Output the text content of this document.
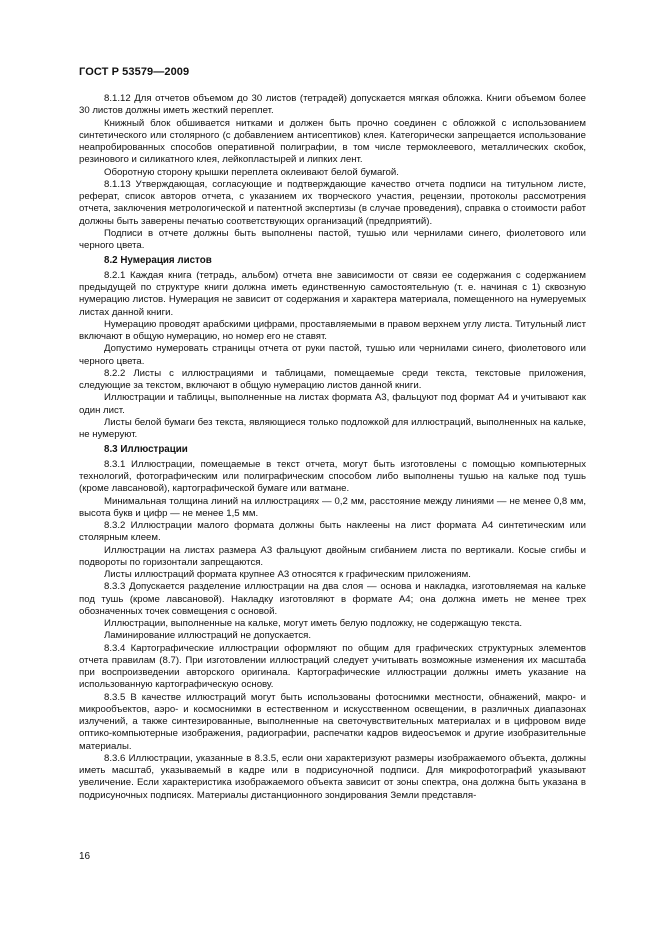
ГОСТ Р 53579—2009

8.1.12 Для отчетов объемом до 30 листов (тетрадей) допускается мягкая обложка. Книги объемом более 30 листов должны иметь жесткий переплет.

Книжный блок обшивается нитками и должен быть прочно соединен с обложкой с использованием синтетического или столярного (с добавлением антисептиков) клея. Категорически запрещается использование неапробированных способов оперативной полиграфии, в том числе термоклеевого, металлических скобок, резинового и силикатного клея, лейкопластырей и липких лент.

Оборотную сторону крышки переплета оклеивают белой бумагой.

8.1.13 Утверждающая, согласующие и подтверждающие качество отчета подписи на титульном листе, реферат, список авторов отчета, с указанием их творческого участия, рецензии, протоколы рассмотрения отчета, заключения метрологической и патентной экспертизы (в случае проведения), справка о стоимости работ должны быть заверены печатью соответствующих организаций (предприятий).

Подписи в отчете должны быть выполнены пастой, тушью или чернилами синего, фиолетового или черного цвета.

8.2 Нумерация листов

8.2.1 Каждая книга (тетрадь, альбом) отчета вне зависимости от связи ее содержания с содержанием предыдущей по структуре книги должна иметь единственную самостоятельную (т. е. начиная с 1) сквозную нумерацию листов. Нумерация не зависит от содержания и характера материала, помещенного на нумеруемых листах данной книги.

Нумерацию проводят арабскими цифрами, проставляемыми в правом верхнем углу листа. Титульный лист включают в общую нумерацию, но номер его не ставят.

Допустимо нумеровать страницы отчета от руки пастой, тушью или чернилами синего, фиолетового или черного цвета.

8.2.2 Листы с иллюстрациями и таблицами, помещаемые среди текста, текстовые приложения, следующие за текстом, включают в общую нумерацию листов данной книги.

Иллюстрации и таблицы, выполненные на листах формата А3, фальцуют под формат А4 и учитывают как один лист.

Листы белой бумаги без текста, являющиеся только подложкой для иллюстраций, выполненных на кальке, не нумеруют.

8.3 Иллюстрации

8.3.1 Иллюстрации, помещаемые в текст отчета, могут быть изготовлены с помощью компьютерных технологий, фотографическим или полиграфическим способом либо выполнены тушью на кальке под тушь (кроме лавсановой), картографической бумаге или ватмане.

Минимальная толщина линий на иллюстрациях — 0,2 мм, расстояние между линиями — не менее 0,8 мм, высота букв и цифр — не менее 1,5 мм.

8.3.2 Иллюстрации малого формата должны быть наклеены на лист формата А4 синтетическим или столярным клеем.

Иллюстрации на листах размера А3 фальцуют двойным сгибанием листа по вертикали. Косые сгибы и подвороты по горизонтали запрещаются.

Листы иллюстраций формата крупнее А3 относятся к графическим приложениям.

8.3.3 Допускается разделение иллюстрации на два слоя — основа и накладка, изготовляемая на кальке под тушь (кроме лавсановой). Накладку изготовляют в формате А4; она должна иметь не менее трех обозначенных точек совмещения с основой.

Иллюстрации, выполненные на кальке, могут иметь белую подложку, не содержащую текста.

Ламинирование иллюстраций не допускается.

8.3.4 Картографические иллюстрации оформляют по общим для графических структурных элементов отчета правилам (8.7). При изготовлении иллюстраций следует учитывать возможные изменения их масштаба при воспроизведении авторского оригинала. Картографические иллюстрации должны иметь указание на использованную картографическую основу.

8.3.5 В качестве иллюстраций могут быть использованы фотоснимки местности, обнажений, макро- и микрообъектов, аэро- и космоснимки в естественном и искусственном освещении, в различных диапазонах излучений, а также синтезированные, выполненные на светочувствительных материалах и в цифровом виде оптико-компьютерные изображения, радиографии, распечатки кадров видеосъемок и другие изобразительные материалы.

8.3.6 Иллюстрации, указанные в 8.3.5, если они характеризуют размеры изображаемого объекта, должны иметь масштаб, указываемый в кадре или в подрисуночной подписи. Для микрофотографий указывают увеличение. Если характеристика изображаемого объекта зависит от зоны спектра, она должна быть указана в подрисуночных подписях. Материалы дистанционного зондирования Земли представля-

16
